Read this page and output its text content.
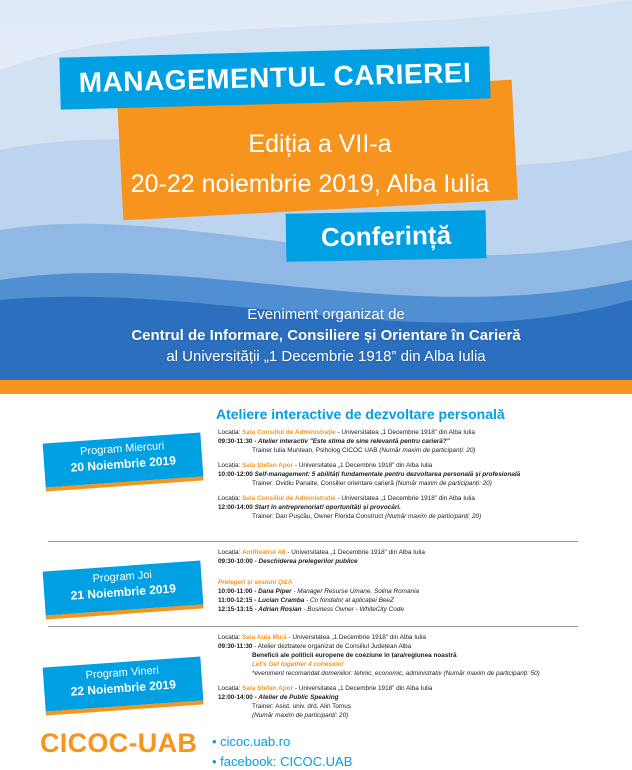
MANAGEMENTUL CARIEREI
Ediția a VII-a
20-22 noiembrie 2019, Alba Iulia
Conferință
Eveniment organizat de
Centrul de Informare, Consiliere și Orientare în Carieră
al Universității „1 Decembrie 1918” din Alba Iulia
Ateliere interactive de dezvoltare personală
Program Miercuri
20 Noiembrie 2019
Locația: Sala Consiliul de Administrație - Universitatea „1 Decembrie 1918” din Alba Iulia
09:30-11:30 - Atelier interactiv "Este stima de sine relevantă pentru carieră?"
Trainer Iulia Muntean, Psiholog CICOC UAB (Număr maxim de participanți: 20)
Locația: Sala Ștefan Apor - Universitatea „1 Decembrie 1918” din Alba Iulia
10:00-12:00 Self-management: 5 abilități fundamentale pentru dezvoltarea personală și profesională
Trainer: Ovidiu Panaite, Consilier orientare carieră (Număr maxim de participanți: 20)
Locația: Sala Consiliul de Administrație - Universitatea „1 Decembrie 1918” din Alba Iulia
12:00-14:00 Start în antreprenoriat! oportunități și provocări.
Trainer: Dan Pușcău, Owner Florida Construct (Număr maxim de participanți: 20)
Program Joi
21 Noiembrie 2019
Locația: Amfiteatrul A8 - Universitatea „1 Decembrie 1918” din Alba Iulia
09:30-10:00 - Deschiderea prelegerilor publice
Prelegeri și sesiuni Q&A
10:00-11:00 - Dana Piper - Manager Resurse Umane, Solina Romania
11:00-12:15 - Lucian Cramba - Co fondator al aplicației BeeZ
12:15-13:15 - Adrian Roșian - Business Owner - WhiteCity Code
Program Vineri
22 Noiembrie 2019
Locația: Sala Aula Mică - Universitatea „1 Decembrie 1918” din Alba Iulia
09:30-11:30 - Atelier dezbatere organizat de Consiliul Județean Alba
Beneficii ale politicii europene de coeziune în țara/regiunea noastră
Let's Get together 4 cohesion!
*eveniment recomandat domeniilor: tehnic, economic, administrativ (Număr maxim de participanți: 50)
Locația: Sala Ștefan Apor - Universitatea „1 Decembrie 1918” din Alba Iulia
12:00-14:00 - Atelier de Public Speaking
Trainer: Asist. univ. drd. Alin Tomuș
(Număr maxim de participanți: 20)
CICOC-UAB • cicoc.uab.ro
• facebook: CICOC.UAB
